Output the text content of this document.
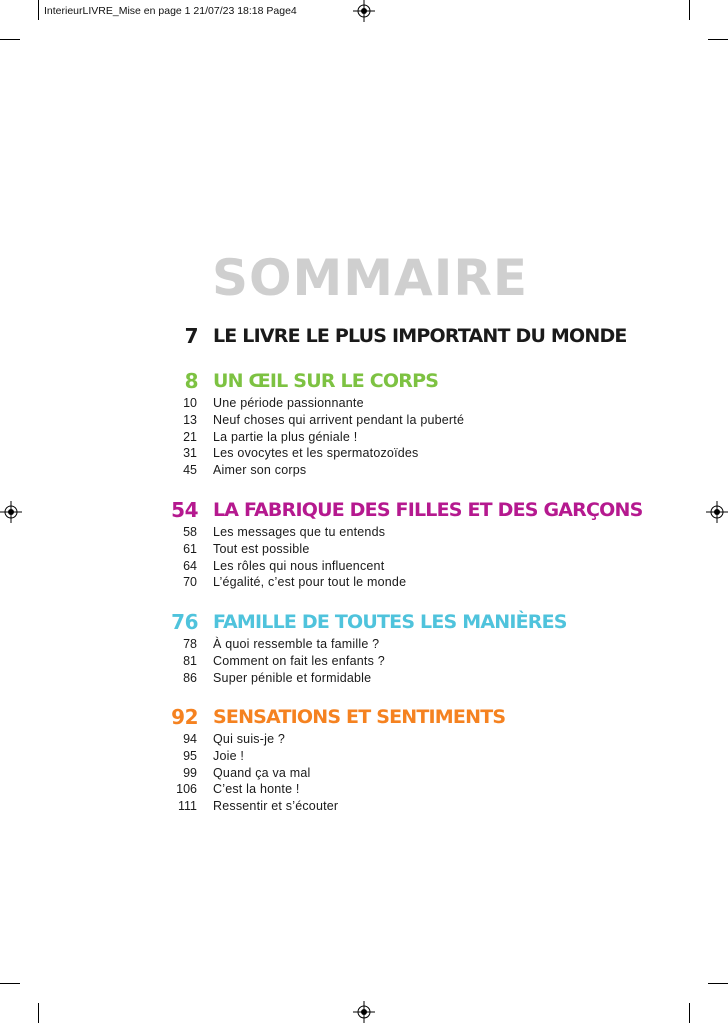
InterieurLIVRE_Mise en page 1 21/07/23 18:18 Page4
SOMMAIRE
7 LE LIVRE LE PLUS IMPORTANT DU MONDE
8 UN ŒIL SUR LE CORPS
10 Une période passionnante
13 Neuf choses qui arrivent pendant la puberté
21 La partie la plus géniale !
31 Les ovocytes et les spermatozoïdes
45 Aimer son corps
54 LA FABRIQUE DES FILLES ET DES GARÇONS
58 Les messages que tu entends
61 Tout est possible
64 Les rôles qui nous influencent
70 L’égalité, c’est pour tout le monde
76 FAMILLE DE TOUTES LES MANIÈRES
78 À quoi ressemble ta famille ?
81 Comment on fait les enfants ?
86 Super pénible et formidable
92 SENSATIONS ET SENTIMENTS
94 Qui suis-je ?
95 Joie !
99 Quand ça va mal
106 C’est la honte !
111 Ressentir et s’écouter
